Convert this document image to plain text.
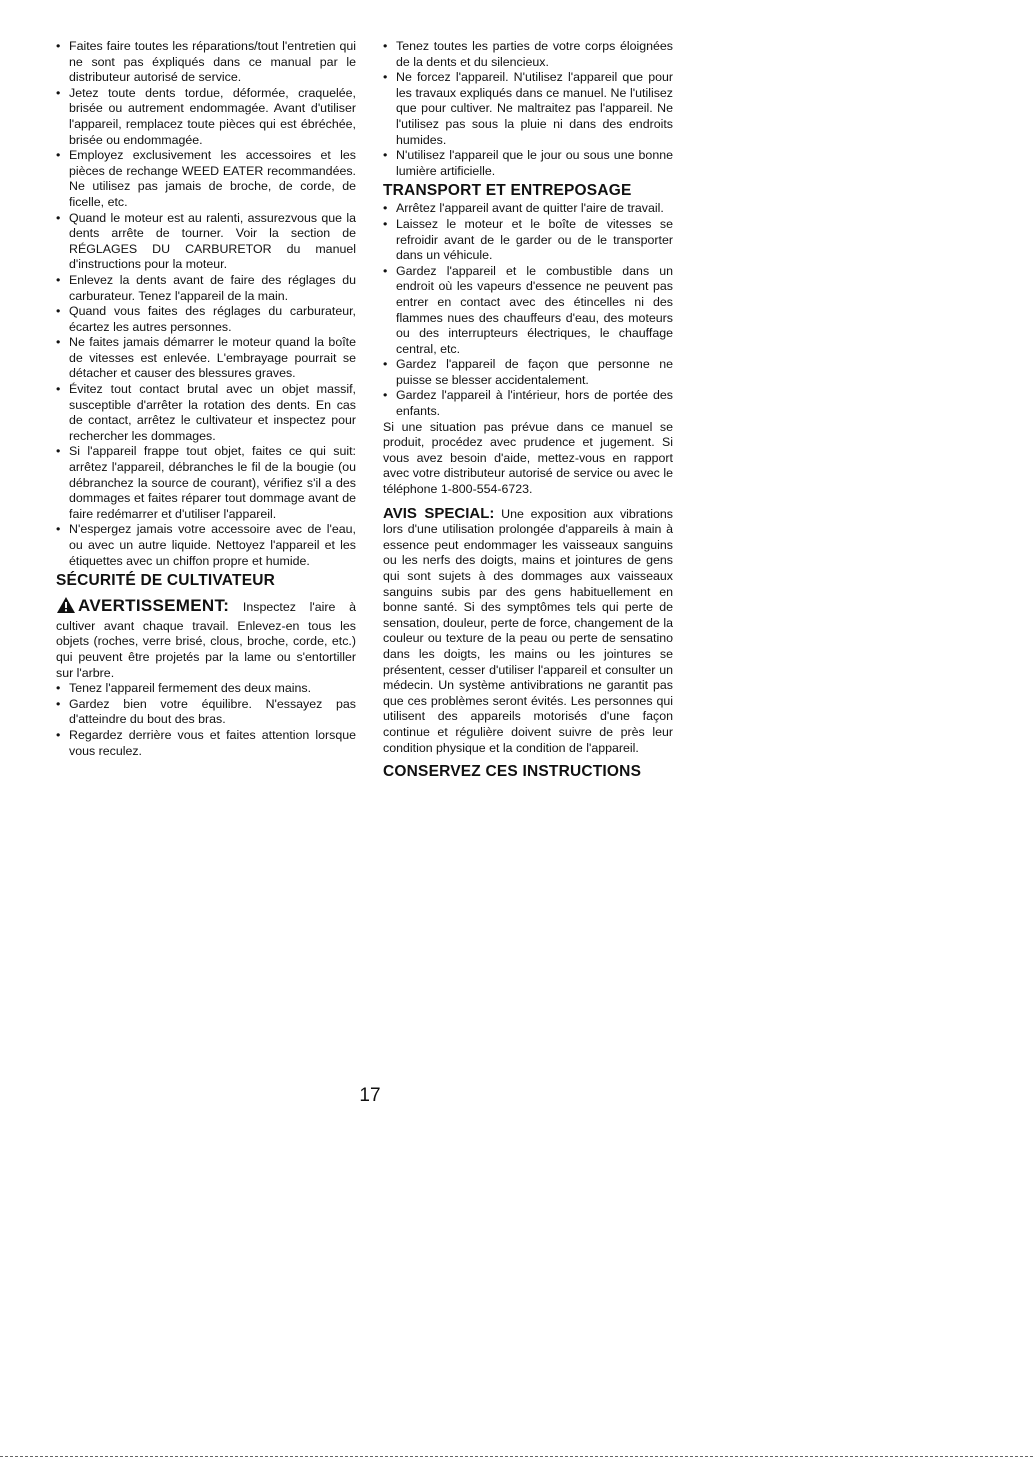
• Faites faire toutes les réparations/tout l'entretien qui ne sont pas éxpliqués dans ce manual par le distributeur autorisé de service.
• Jetez toute dents tordue, déformée, craquelée, brisée ou autrement endommagée. Avant d'utiliser l'appareil, remplacez toute pièces qui est ébréchée, brisée ou endommagée.
• Employez exclusivement les accessoires et les pièces de rechange WEED EATER recommandées. Ne utilisez pas jamais de broche, de corde, de ficelle, etc.
• Quand le moteur est au ralenti, assurezvous que la dents arrête de tourner. Voir la section de RÉGLAGES DU CARBURETOR du manuel d'instructions pour la moteur.
• Enlevez la dents avant de faire des réglages du carburateur. Tenez l'appareil de la main.
• Quand vous faites des réglages du carburateur, écartez les autres personnes.
• Ne faites jamais démarrer le moteur quand la boîte de vitesses est enlevée. L'embrayage pourrait se détacher et causer des blessures graves.
• Évitez tout contact brutal avec un objet massif, susceptible d'arrêter la rotation des dents. En cas de contact, arrêtez le cultivateur et inspectez pour rechercher les dommages.
• Si l'appareil frappe tout objet, faites ce qui suit: arrêtez l'appareil, débranches le fil de la bougie (ou débranchez la source de courant), vérifiez s'il a des dommages et faites réparer tout dommage avant de faire redémarrer et d'utiliser l'appareil.
• N'espergez jamais votre accessoire avec de l'eau, ou avec un autre liquide. Nettoyez l'appareil et les étiquettes avec un chiffon propre et humide.
SÉCURITÉ DE CULTIVATEUR
AVERTISSEMENT: Inspectez l'aire à cultiver avant chaque travail. Enlevez-en tous les objets (roches, verre brisé, clous, broche, corde, etc.) qui peuvent être projetés par la lame ou s'entortiller sur l'arbre.
• Tenez l'appareil fermement des deux mains.
• Gardez bien votre équilibre. N'essayez pas d'atteindre du bout des bras.
• Regardez derrière vous et faites attention lorsque vous reculez.
• Tenez toutes les parties de votre corps éloignées de la dents et du silencieux.
• Ne forcez l'appareil. N'utilisez l'appareil que pour les travaux expliqués dans ce manuel. Ne l'utilisez que pour cultiver. Ne maltraitez pas l'appareil. Ne l'utilisez pas sous la pluie ni dans des endroits humides.
• N'utilisez l'appareil que le jour ou sous une bonne lumière artificielle.
TRANSPORT ET ENTREPOSAGE
• Arrêtez l'appareil avant de quitter l'aire de travail.
• Laissez le moteur et le boîte de vitesses se refroidir avant de le garder ou de le transporter dans un véhicule.
• Gardez l'appareil et le combustible dans un endroit où les vapeurs d'essence ne peuvent pas entrer en contact avec des étincelles ni des flammes nues des chauffeurs d'eau, des moteurs ou des interrupteurs électriques, le chauffage central, etc.
• Gardez l'appareil de façon que personne ne puisse se blesser accidentalement.
• Gardez l'appareil à l'intérieur, hors de portée des enfants.

Si une situation pas prévue dans ce manuel se produit, procédez avec prudence et jugement. Si vous avez besoin d'aide, mettez-vous en rapport avec votre distributeur autorisé de service ou avec le téléphone 1-800-554-6723.

AVIS SPECIAL: Une exposition aux vibrations lors d'une utilisation prolongée d'appareils à main à essence peut endommager les vaisseaux sanguins ou les nerfs des doigts, mains et jointures de gens qui sont sujets à des dommages aux vaisseaux sanguins subis par des gens habituellement en bonne santé. Si des symptômes tels qui perte de sensation, douleur, perte de force, changement de la couleur ou texture de la peau ou perte de sensatino dans les doigts, les mains ou les jointures se présentent, cesser d'utiliser l'appareil et consulter un médecin. Un système antivibrations ne garantit pas que ces problèmes seront évités. Les personnes qui utilisent des appareils motorisés d'une façon continue et régulière doivent suivre de près leur condition physique et la condition de l'appareil.

CONSERVEZ CES INSTRUCTIONS
17
